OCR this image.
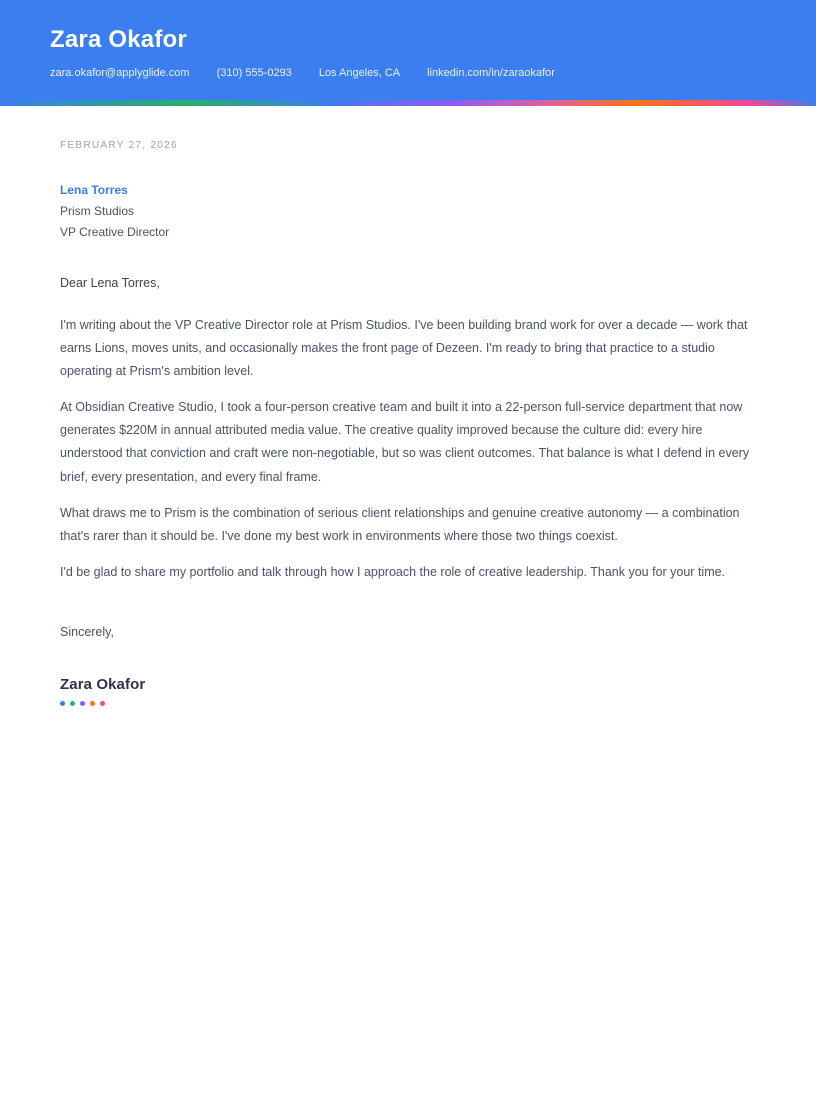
Zara Okafor
zara.okafor@applyglide.com (310) 555-0293 Los Angeles, CA linkedin.com/in/zaraokafor
FEBRUARY 27, 2026
Lena Torres
Prism Studios
VP Creative Director

Dear Lena Torres,

I'm writing about the VP Creative Director role at Prism Studios. I've been building brand work for over a decade — work that earns Lions, moves units, and occasionally makes the front page of Dezeen. I'm ready to bring that practice to a studio operating at Prism's ambition level.

At Obsidian Creative Studio, I took a four-person creative team and built it into a 22-person full-service department that now generates $220M in annual attributed media value. The creative quality improved because the culture did: every hire understood that conviction and craft were non-negotiable, but so was client outcomes. That balance is what I defend in every brief, every presentation, and every final frame.

What draws me to Prism is the combination of serious client relationships and genuine creative autonomy — a combination that's rarer than it should be. I've done my best work in environments where those two things coexist.

I'd be glad to share my portfolio and talk through how I approach the role of creative leadership. Thank you for your time.

Sincerely,

Zara Okafor
